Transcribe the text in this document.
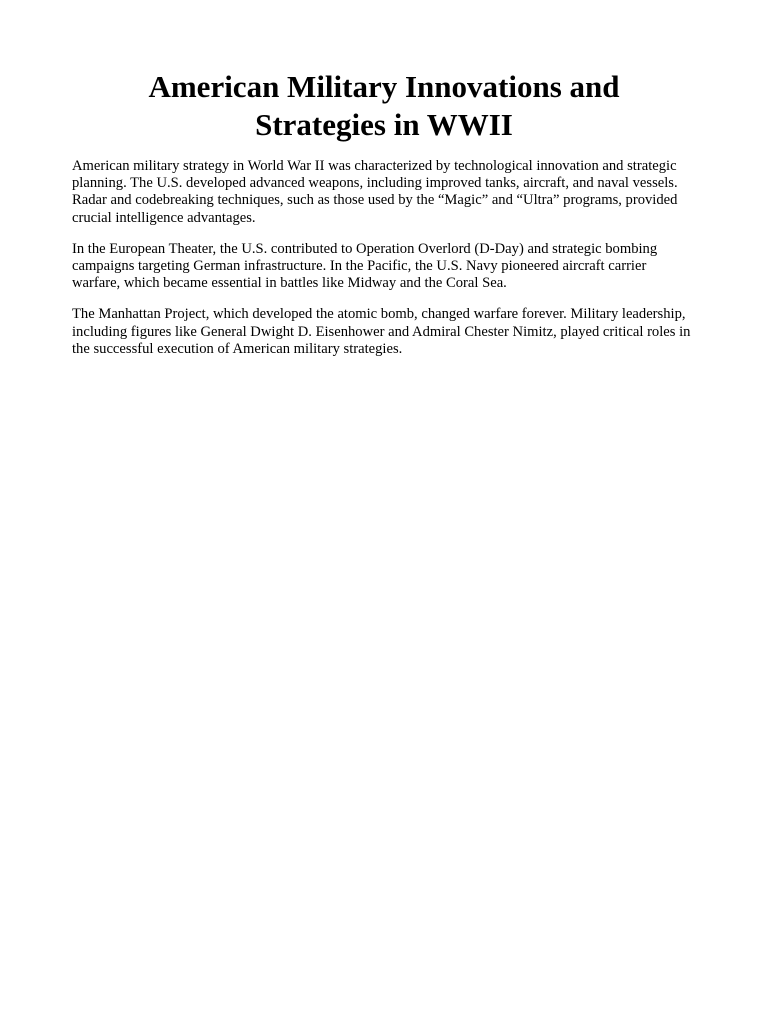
American Military Innovations and Strategies in WWII

American military strategy in World War II was characterized by technological innovation and strategic planning. The U.S. developed advanced weapons, including improved tanks, aircraft, and naval vessels. Radar and codebreaking techniques, such as those used by the “Magic” and “Ultra” programs, provided crucial intelligence advantages.

In the European Theater, the U.S. contributed to Operation Overlord (D-Day) and strategic bombing campaigns targeting German infrastructure. In the Pacific, the U.S. Navy pioneered aircraft carrier warfare, which became essential in battles like Midway and the Coral Sea.

The Manhattan Project, which developed the atomic bomb, changed warfare forever. Military leadership, including figures like General Dwight D. Eisenhower and Admiral Chester Nimitz, played critical roles in the successful execution of American military strategies.
